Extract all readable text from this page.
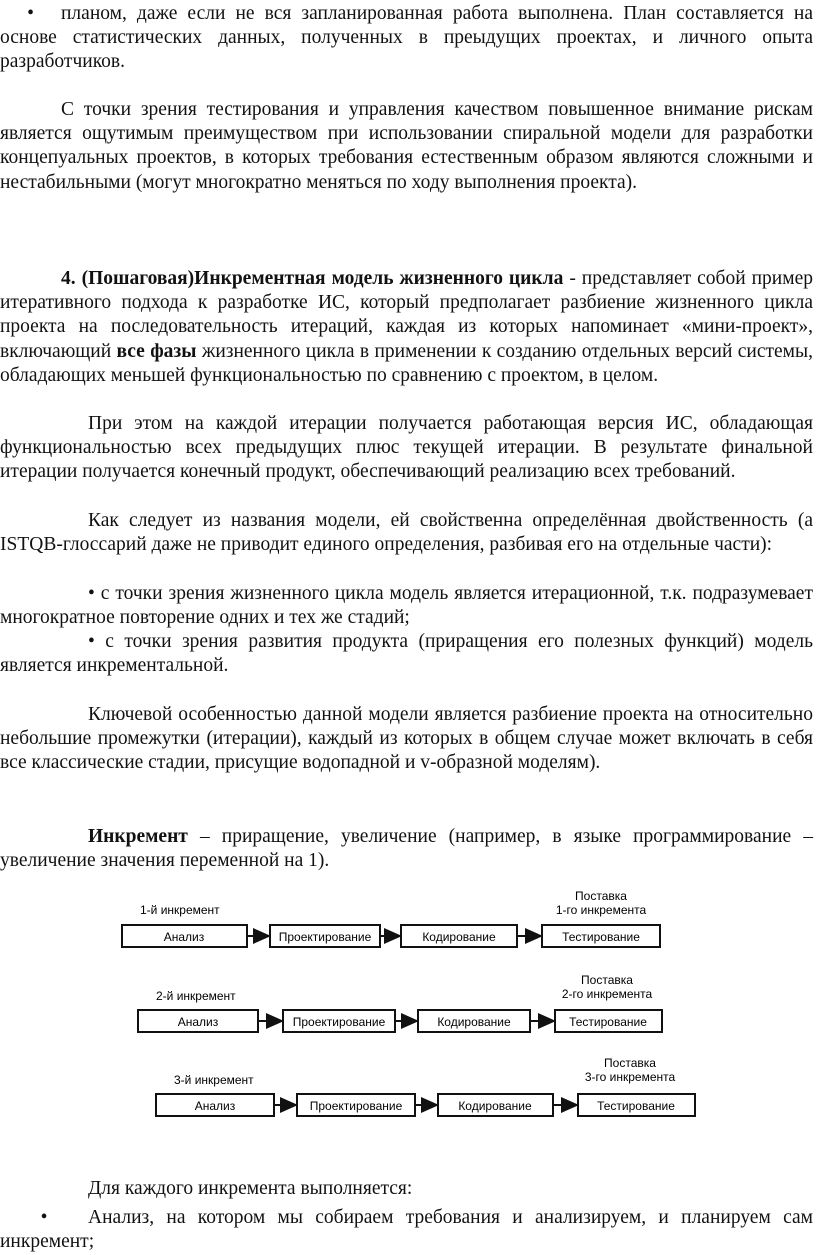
• планом, даже если не вся запланированная работа выполнена. План составляется на основе статистических данных, полученных в преыдущих проектах, и личного опыта разработчиков.

С точки зрения тестирования и управления качеством повышенное внимание рискам является ощутимым преимуществом при использовании спиральной модели для разработки концепуальных проектов, в которых требования естественным образом являются сложными и нестабильными (могут многократно меняться по ходу выполнения проекта).

4. (Пошаговая)Инкрементная модель жизненного цикла - представляет собой пример итеративного подхода к разработке ИС, который предполагает разбиение жизненного цикла проекта на последовательность итераций, каждая из которых напоминает «мини-проект», включающий все фазы жизненного цикла в применении к созданию отдельных версий системы, обладающих меньшей функциональностью по сравнению с проектом, в целом.

При этом на каждой итерации получается работающая версия ИС, обладающая функциональностью всех предыдущих плюс текущей итерации. В результате финальной итерации получается конечный продукт, обеспечивающий реализацию всех требований.

Как следует из названия модели, ей свойственна определённая двойственность (а ISTQB-глоссарий даже не приводит единого определения, разбивая его на отдельные части):

• с точки зрения жизненного цикла модель является итерационной, т.к. подразумевает многократное повторение одних и тех же стадий;

• с точки зрения развития продукта (приращения его полезных функций) модель является инкрементальной.

Ключевой особенностью данной модели является разбиение проекта на относительно небольшие промежутки (итерации), каждый из которых в общем случае может включать в себя все классические стадии, присущие водопадной и v-образной моделям).

Инкремент – приращение, увеличение (например, в языке программирование – увеличение значения переменной на 1).

1-й инкремент
Поставка
1-го инкремента
Анализ	Проектирование	Кодирование	Тестирование
2-й инкремент
Поставка
2-го инкремента
Анализ	Проектирование	Кодирование	Тестирование
3-й инкремент
Поставка
3-го инкремента
Анализ	Проектирование	Кодирование	Тестирование

Для каждого инкремента выполняется:

• Анализ, на котором мы собираем требования и анализируем, и планируем сам инкремент;
